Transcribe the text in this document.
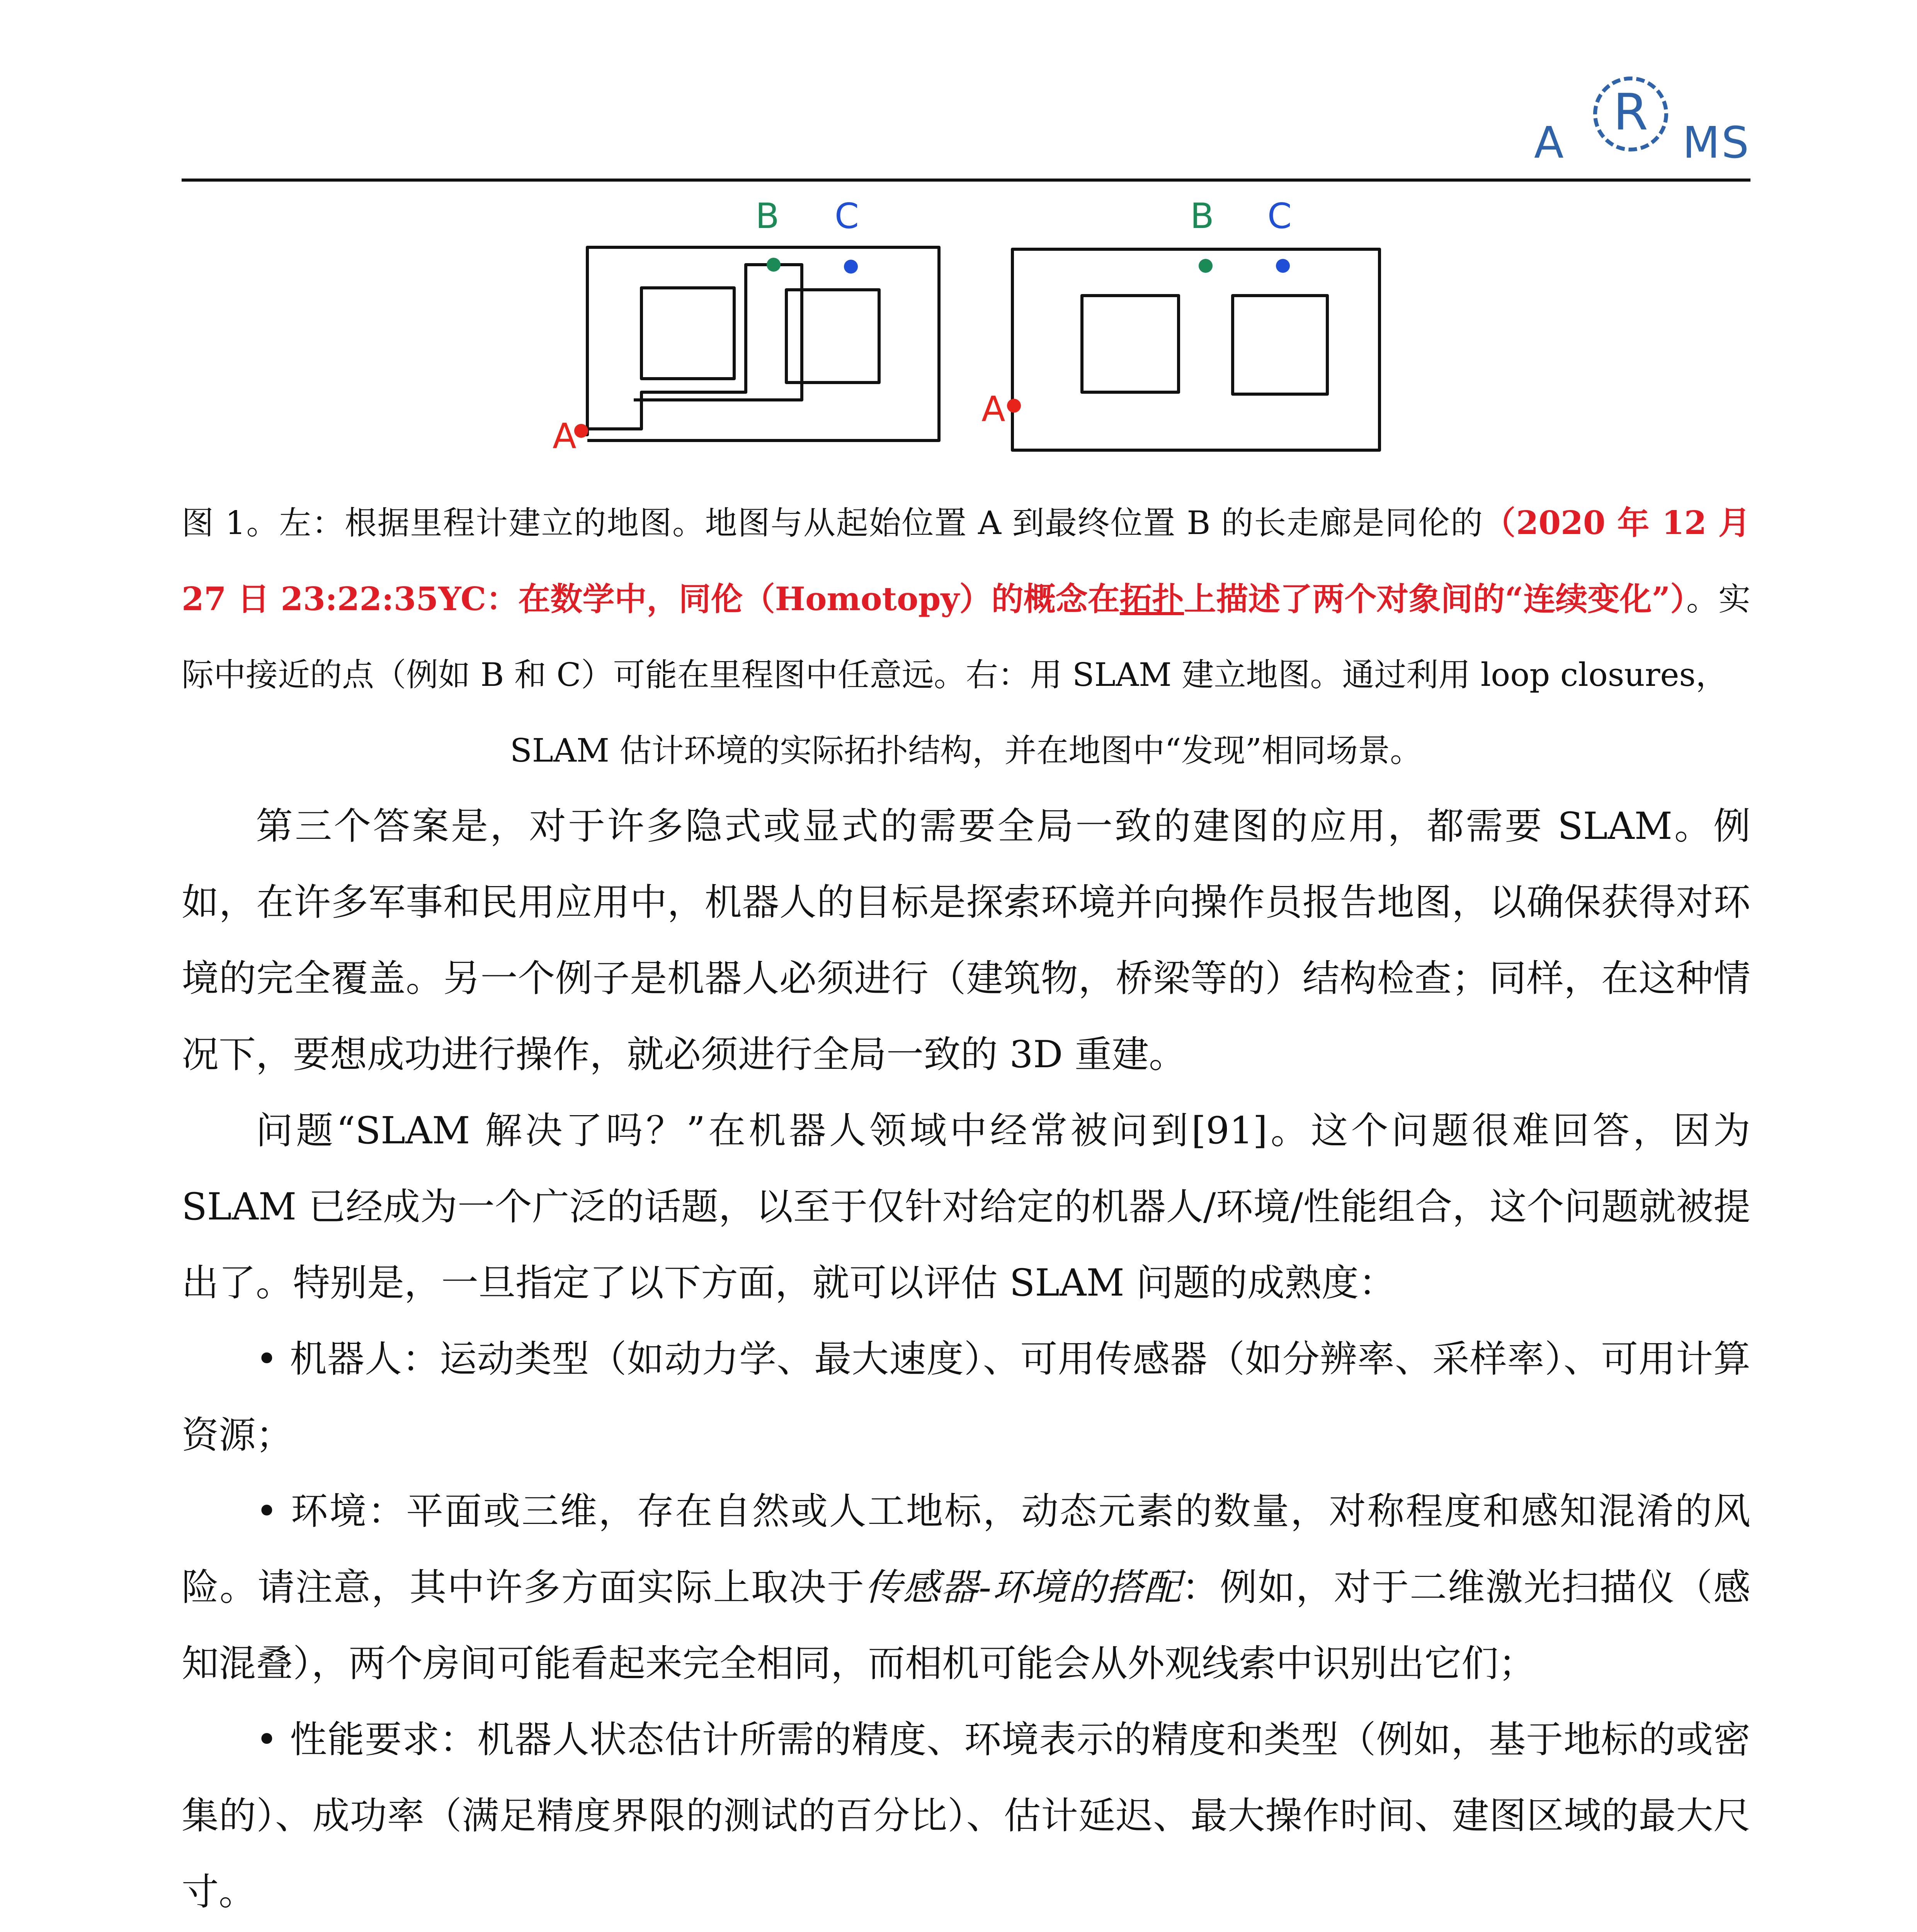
A
R
MS
A
B C
A
B C
图 1。左：根据里程计建立的地图。地图与从起始位置 A 到最终位置 B 的长走廊是同伦的（2020 年 12 月 27 日 23:22:35YC：在数学中，同伦（Homotopy）的概念在拓扑上描述了两个对象间的“连续变化”）。实际中接近的点（例如 B 和 C）可能在里程图中任意远。右：用 SLAM 建立地图。通过利用 loop closures，
SLAM 估计环境的实际拓扑结构，并在地图中“发现”相同场景。

第三个答案是，对于许多隐式或显式的需要全局一致的建图的应用，都需要 SLAM。例如，在许多军事和民用应用中，机器人的目标是探索环境并向操作员报告地图，以确保获得对环境的完全覆盖。另一个例子是机器人必须进行（建筑物，桥梁等的）结构检查；同样，在这种情况下，要想成功进行操作，就必须进行全局一致的 3D 重建。

问题“SLAM 解决了吗？”在机器人领域中经常被问到[91]。这个问题很难回答，因为 SLAM 已经成为一个广泛的话题，以至于仅针对给定的机器人/环境/性能组合，这个问题就被提出了。特别是，一旦指定了以下方面，就可以评估 SLAM 问题的成熟度：

• 机器人：运动类型（如动力学、最大速度）、可用传感器（如分辨率、采样率）、可用计算资源；

• 环境：平面或三维，存在自然或人工地标，动态元素的数量，对称程度和感知混淆的风险。请注意，其中许多方面实际上取决于传感器-环境的搭配：例如，对于二维激光扫描仪（感知混叠），两个房间可能看起来完全相同，而相机可能会从外观线索中识别出它们；

• 性能要求：机器人状态估计所需的精度、环境表示的精度和类型（例如，基于地标的或密集的）、成功率（满足精度界限的测试的百分比）、估计延迟、最大操作时间、建图区域的最大尺寸。
